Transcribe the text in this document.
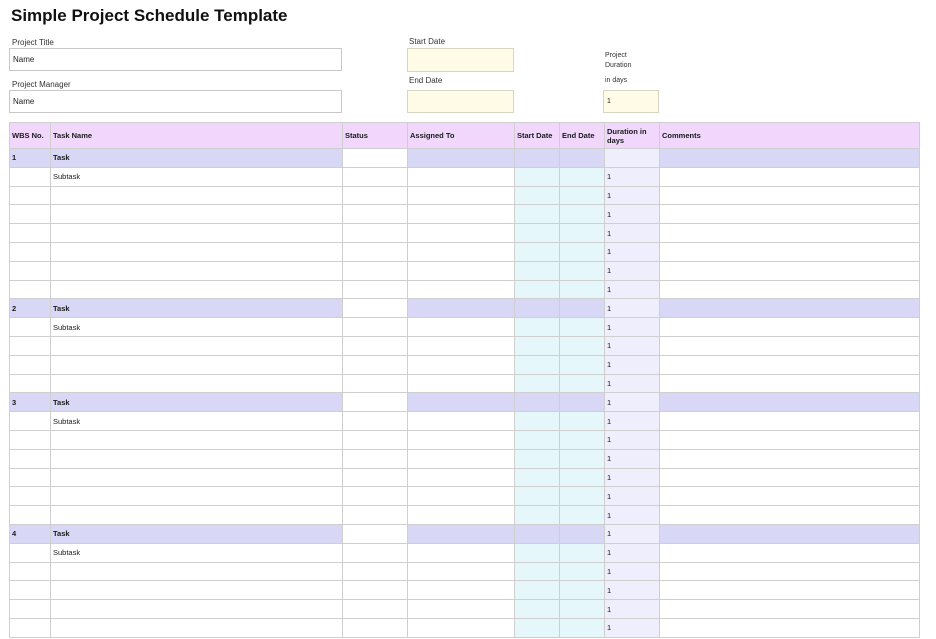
Simple Project Schedule Template
Project Title
Name
Project Manager
Name
Start Date
End Date
Project
Duration
in days
1
WBS No.	Task Name	Status	Assigned To	Start Date	End Date	Duration in days	Comments
1	Task						
	Subtask					1	
						1	
						1	
						1	
						1	
						1	
						1	
2	Task					1	
	Subtask					1	
						1	
						1	
						1	
3	Task					1	
	Subtask					1	
						1	
						1	
						1	
						1	
						1	
4	Task					1	
	Subtask					1	
						1	
						1	
						1	
						1	
